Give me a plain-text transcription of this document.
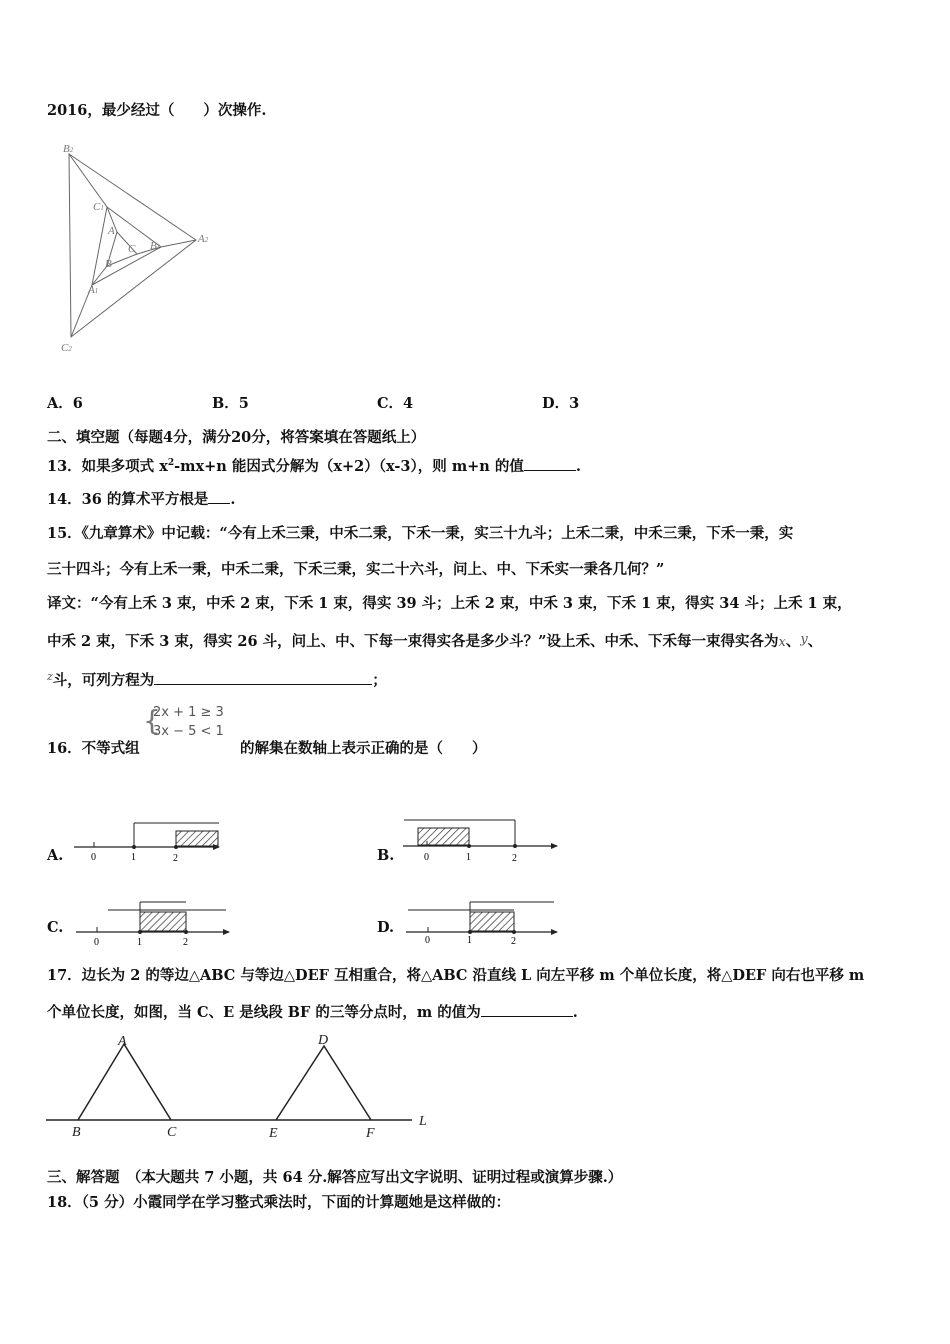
2016，最少经过（　　）次操作.
B2
C1
A
C B1
A2
B
A1
C2
A．6	B．5	C．4	D．3
二、填空题（每题4分，满分20分，将答案填在答题纸上）
13．如果多项式 $x^2-mx+n$ 能因式分解为（x+2）（x-3），则 m+n 的值	.
14．36 的算术平方根是 .
15．《九章算术》中记载：“今有上禾三秉，中禾二秉，下禾一秉，实三十九斗；上禾二秉，中禾三秉，下禾一秉，实
三十四斗；今有上禾一秉，中禾二秉，下禾三秉，实二十六斗，问上、中、下禾实一秉各几何？”
译文：“今有上禾 3 束，中禾 2 束，下禾 1 束，得实 39 斗；上禾 2 束，中禾 3 束，下禾 1 束，得实 34 斗；上禾 1 束，
中禾 2 束，下禾 3 束，得实 26 斗，问上、中、下每一束得实各是多少斗？”设上禾、中禾、下禾每一束得实各为x、y、
$^z$斗，可列方程为	；
16．不等式组
{
2x + 1 ≥ 3
3x − 5 < 1
的解集在数轴上表示正确的是（　　）
A.	0	1	2	B.	0	1	2
C.
0	1	2
D.
0	1	2
17．边长为 2 的等边△ABC 与等边△DEF 互相重合，将△ABC 沿直线 L 向左平移 m 个单位长度，将△DEF 向右也平移 m
个单位长度，如图，当 C、E 是线段 BF 的三等分点时，m 的值为	.
A
B	C
D
E	F
L
三、解答题　（本大题共 7 小题，共 64 分.解答应写出文字说明、证明过程或演算步骤.）
18．（5 分）小霞同学在学习整式乘法时，下面的计算题她是这样做的：
